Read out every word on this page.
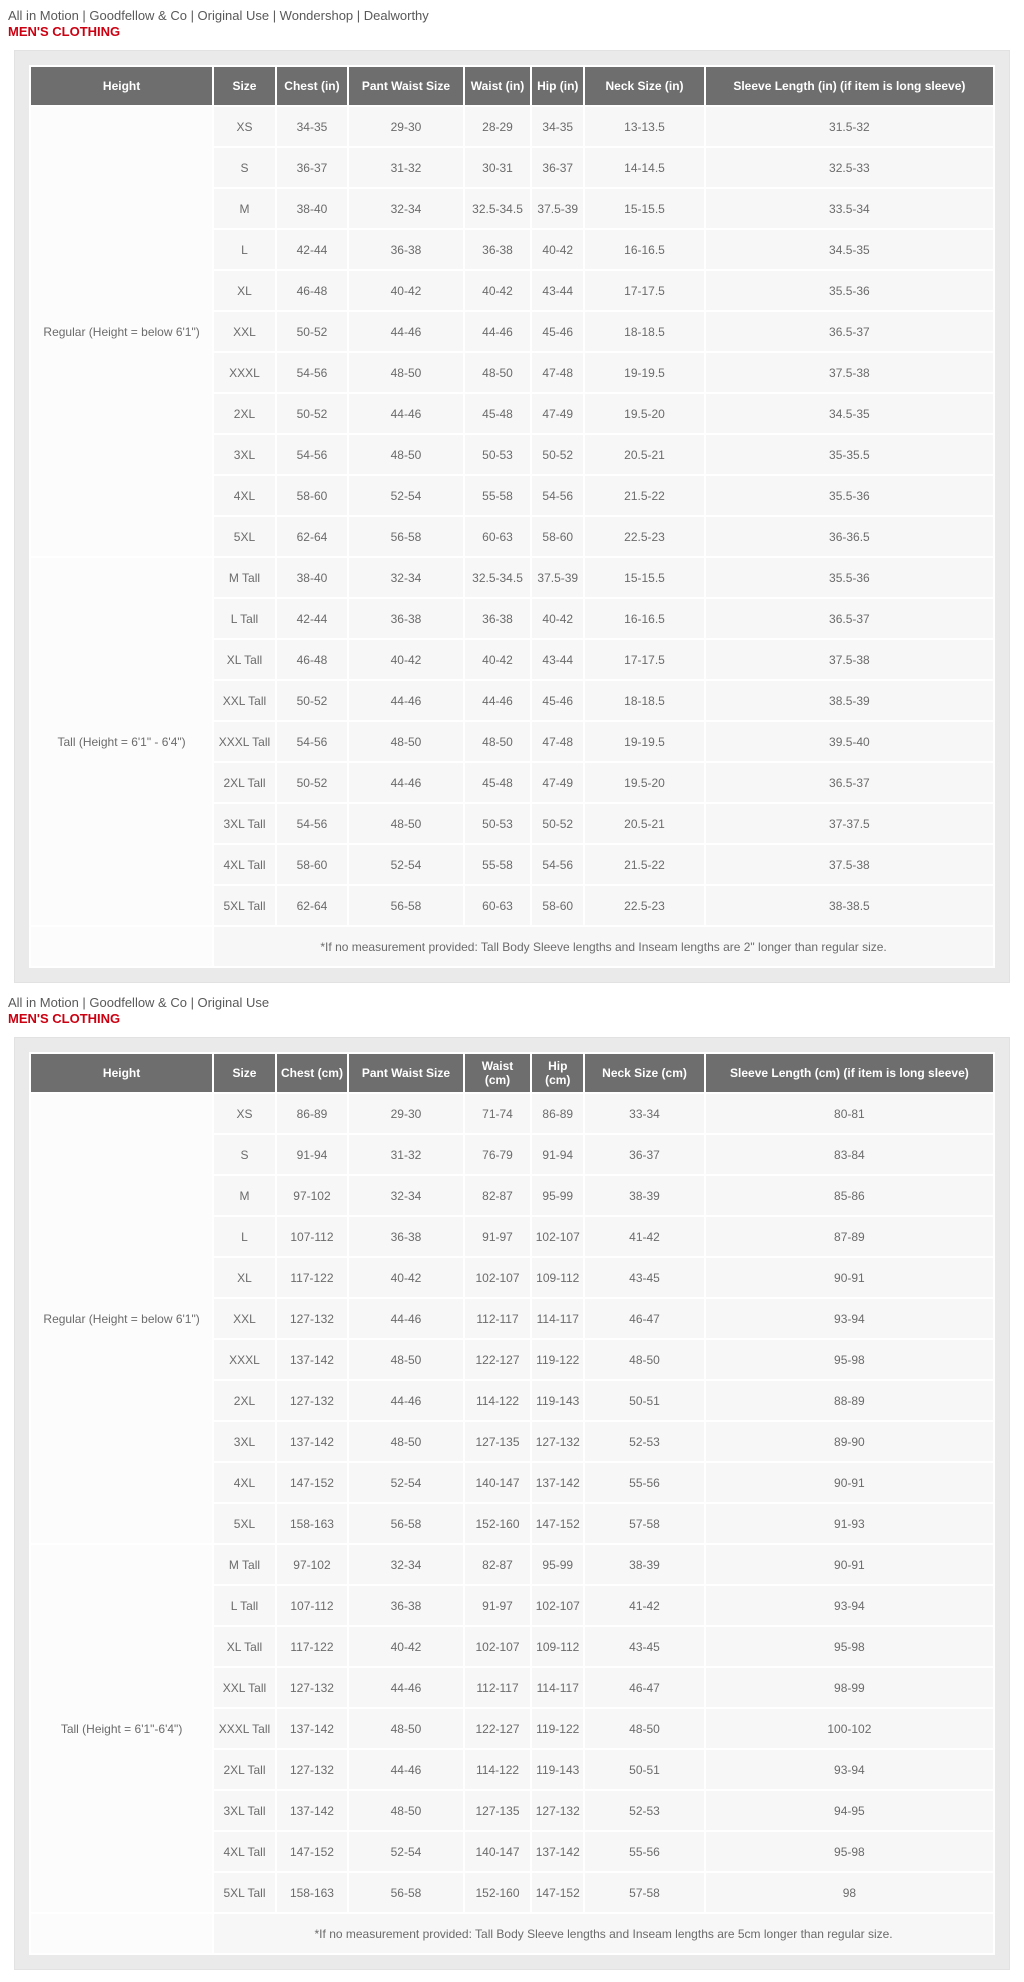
All in Motion | Goodfellow & Co | Original Use | Wondershop | Dealworthy
MEN'S CLOTHING
Height	Size	Chest (in)	Pant Waist Size	Waist (in)	Hip (in)	Neck Size (in)	Sleeve Length (in) (if item is long sleeve)
Regular (Height = below 6'1")	XS	34-35	29-30	28-29	34-35	13-13.5	31.5-32
	S	36-37	31-32	30-31	36-37	14-14.5	32.5-33
	M	38-40	32-34	32.5-34.5	37.5-39	15-15.5	33.5-34
	L	42-44	36-38	36-38	40-42	16-16.5	34.5-35
	XL	46-48	40-42	40-42	43-44	17-17.5	35.5-36
	XXL	50-52	44-46	44-46	45-46	18-18.5	36.5-37
	XXXL	54-56	48-50	48-50	47-48	19-19.5	37.5-38
	2XL	50-52	44-46	45-48	47-49	19.5-20	34.5-35
	3XL	54-56	48-50	50-53	50-52	20.5-21	35-35.5
	4XL	58-60	52-54	55-58	54-56	21.5-22	35.5-36
	5XL	62-64	56-58	60-63	58-60	22.5-23	36-36.5
Tall (Height = 6'1" - 6'4")	M Tall	38-40	32-34	32.5-34.5	37.5-39	15-15.5	35.5-36
	L Tall	42-44	36-38	36-38	40-42	16-16.5	36.5-37
	XL Tall	46-48	40-42	40-42	43-44	17-17.5	37.5-38
	XXL Tall	50-52	44-46	44-46	45-46	18-18.5	38.5-39
	XXXL Tall	54-56	48-50	48-50	47-48	19-19.5	39.5-40
	2XL Tall	50-52	44-46	45-48	47-49	19.5-20	36.5-37
	3XL Tall	54-56	48-50	50-53	50-52	20.5-21	37-37.5
	4XL Tall	58-60	52-54	55-58	54-56	21.5-22	37.5-38
	5XL Tall	62-64	56-58	60-63	58-60	22.5-23	38-38.5
	*If no measurement provided: Tall Body Sleeve lengths and Inseam lengths are 2" longer than regular size.						
All in Motion | Goodfellow & Co | Original Use
MEN'S CLOTHING
Height	Size	Chest (cm)	Pant Waist Size	Waist (cm)	Hip (cm)	Neck Size (cm)	Sleeve Length (cm) (if item is long sleeve)
Regular (Height = below 6'1")	XS	86-89	29-30	71-74	86-89	33-34	80-81
	S	91-94	31-32	76-79	91-94	36-37	83-84
	M	97-102	32-34	82-87	95-99	38-39	85-86
	L	107-112	36-38	91-97	102-107	41-42	87-89
	XL	117-122	40-42	102-107	109-112	43-45	90-91
	XXL	127-132	44-46	112-117	114-117	46-47	93-94
	XXXL	137-142	48-50	122-127	119-122	48-50	95-98
	2XL	127-132	44-46	114-122	119-143	50-51	88-89
	3XL	137-142	48-50	127-135	127-132	52-53	89-90
	4XL	147-152	52-54	140-147	137-142	55-56	90-91
	5XL	158-163	56-58	152-160	147-152	57-58	91-93
Tall (Height = 6'1"-6'4")	M Tall	97-102	32-34	82-87	95-99	38-39	90-91
	L Tall	107-112	36-38	91-97	102-107	41-42	93-94
	XL Tall	117-122	40-42	102-107	109-112	43-45	95-98
	XXL Tall	127-132	44-46	112-117	114-117	46-47	98-99
	XXXL Tall	137-142	48-50	122-127	119-122	48-50	100-102
	2XL Tall	127-132	44-46	114-122	119-143	50-51	93-94
	3XL Tall	137-142	48-50	127-135	127-132	52-53	94-95
	4XL Tall	147-152	52-54	140-147	137-142	55-56	95-98
	5XL Tall	158-163	56-58	152-160	147-152	57-58	98
	*If no measurement provided: Tall Body Sleeve lengths and Inseam lengths are 5cm longer than regular size.						
